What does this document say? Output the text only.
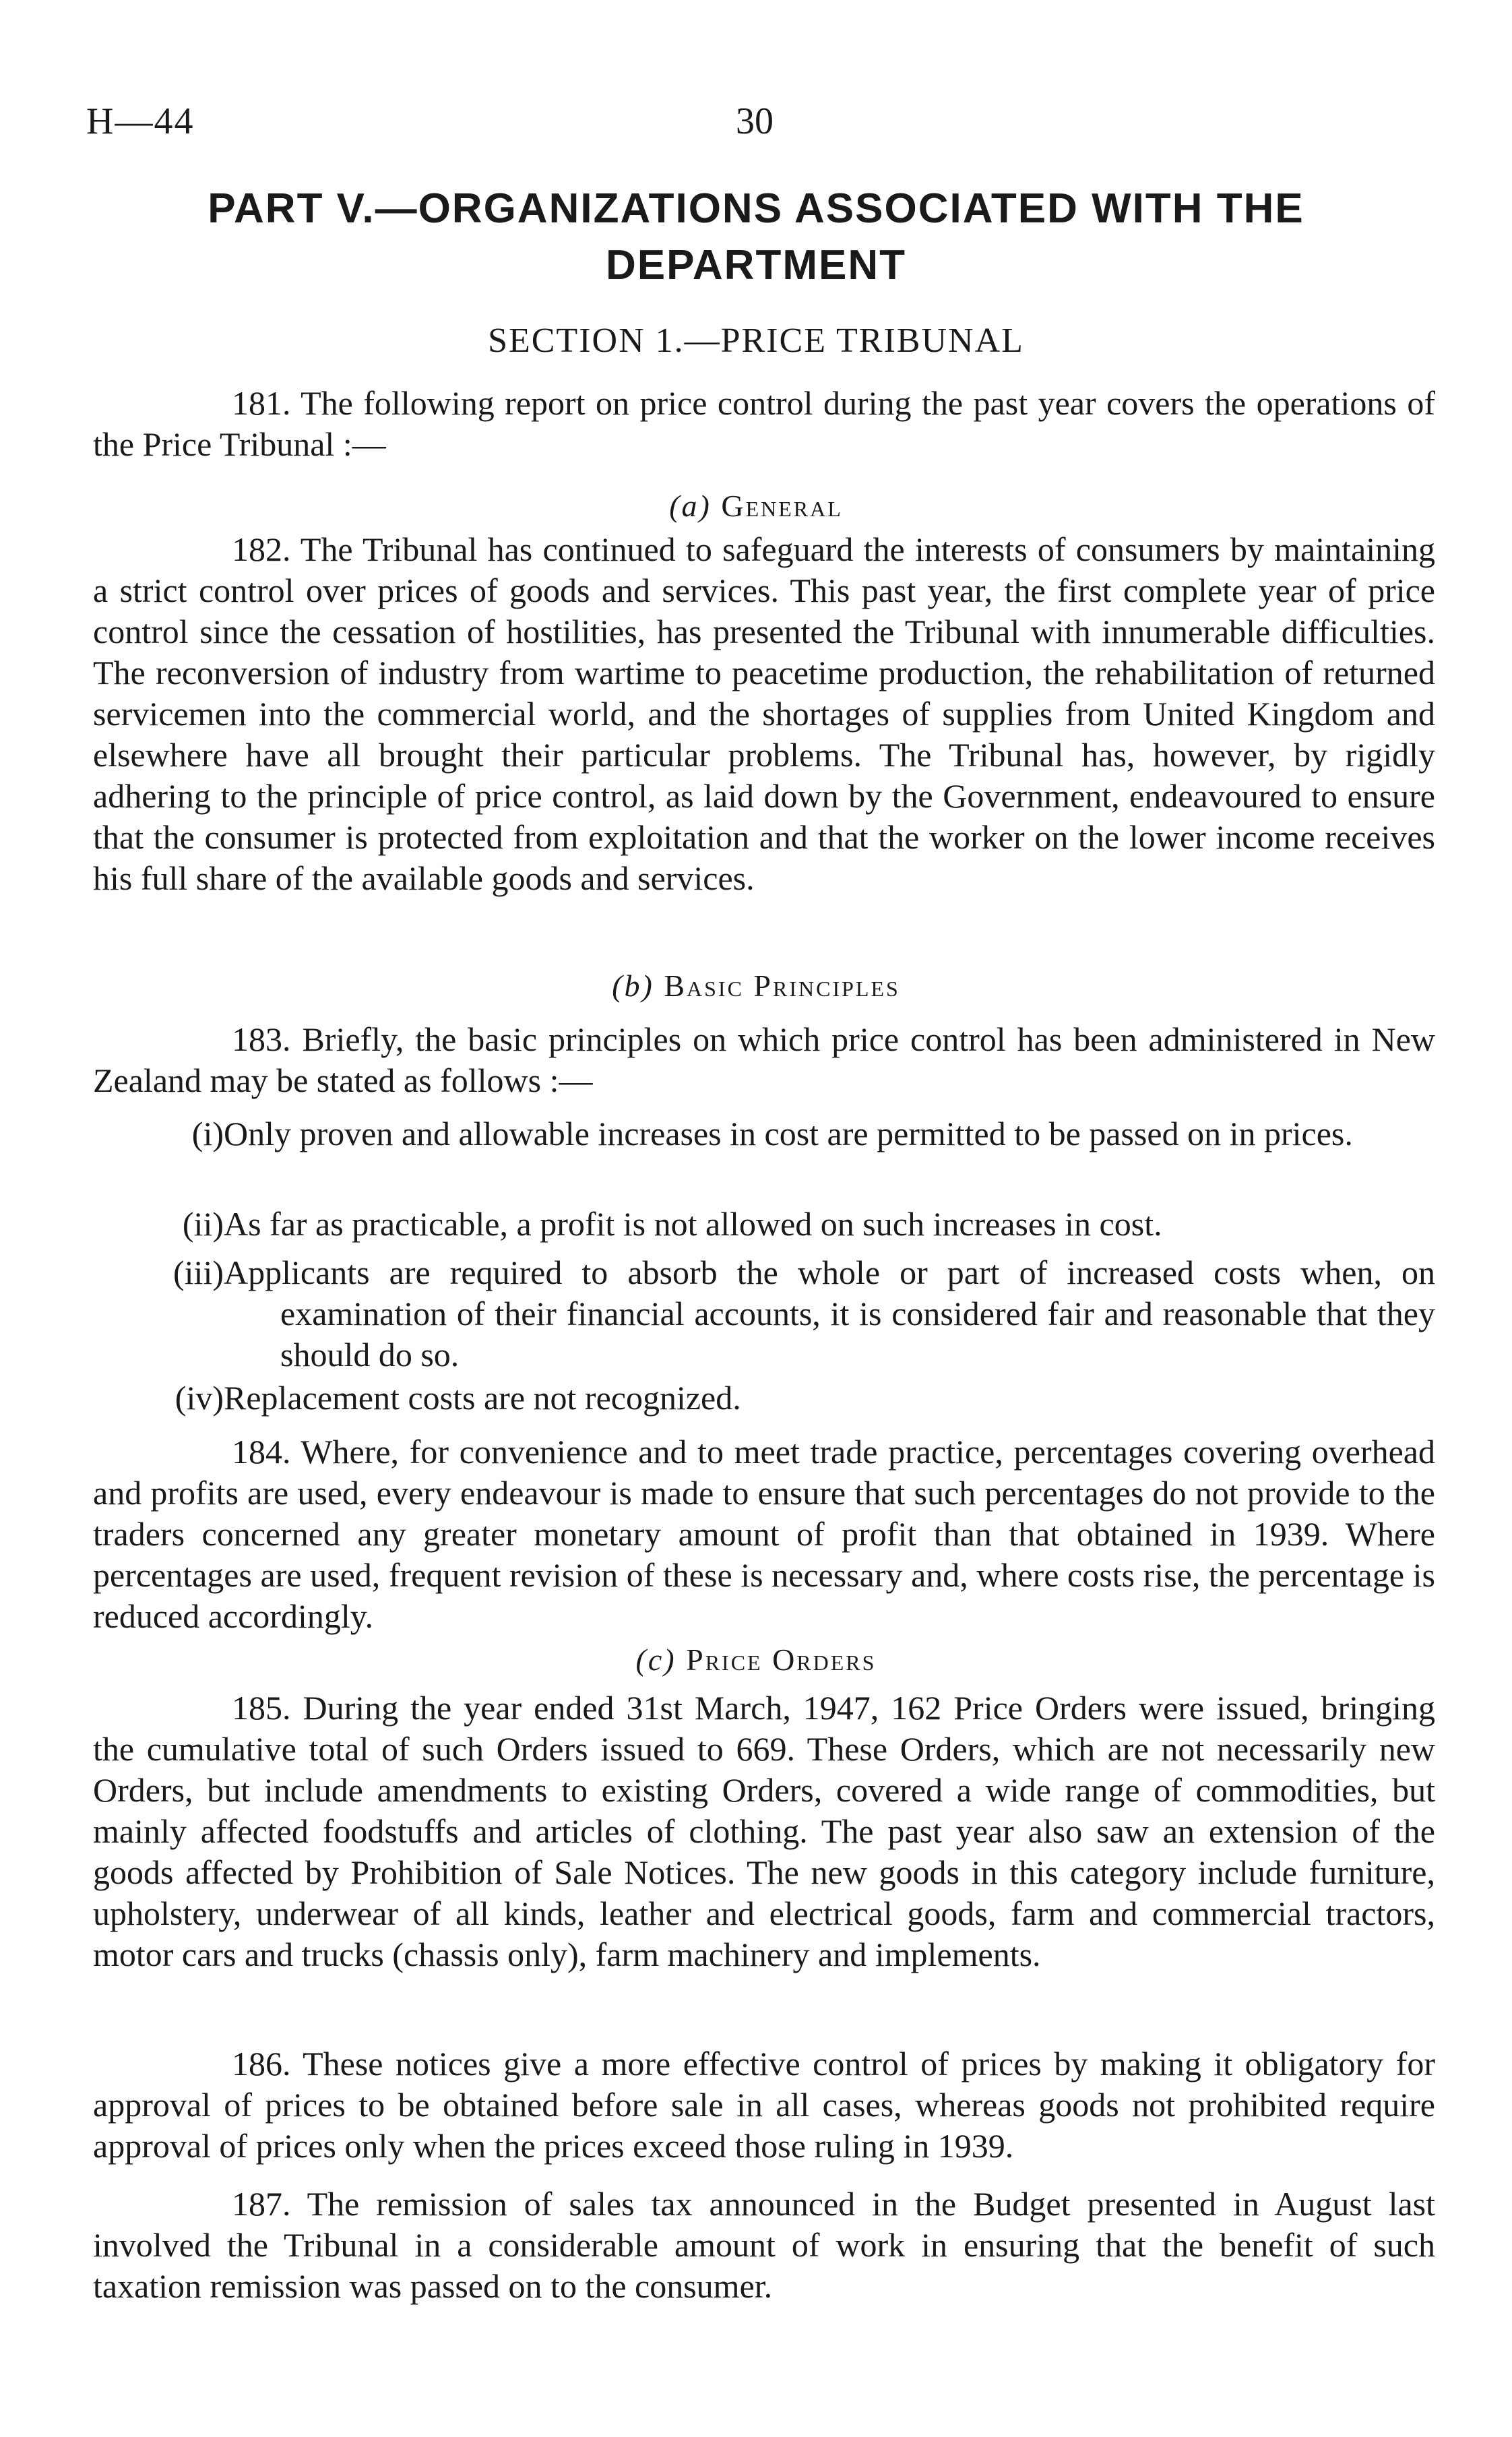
H—44	30
PART V.—ORGANIZATIONS ASSOCIATED WITH THE DEPARTMENT
SECTION 1.—PRICE TRIBUNAL
181. The following report on price control during the past year covers the operations of the Price Tribunal :—
(a) General
182. The Tribunal has continued to safeguard the interests of consumers by maintaining a strict control over prices of goods and services. This past year, the first complete year of price control since the cessation of hostilities, has presented the Tribunal with innumerable difficulties. The reconversion of industry from wartime to peacetime production, the rehabilitation of returned servicemen into the commercial world, and the shortages of supplies from United Kingdom and elsewhere have all brought their particular problems. The Tribunal has, however, by rigidly adhering to the principle of price control, as laid down by the Government, endeavoured to ensure that the consumer is protected from exploitation and that the worker on the lower income receives his full share of the available goods and services.
(b) Basic Principles
183. Briefly, the basic principles on which price control has been administered in New Zealand may be stated as follows :—
(i) Only proven and allowable increases in cost are permitted to be passed on in prices.
(ii) As far as practicable, a profit is not allowed on such increases in cost.
(iii) Applicants are required to absorb the whole or part of increased costs when, on examination of their financial accounts, it is considered fair and reasonable that they should do so.
(iv) Replacement costs are not recognized.
184. Where, for convenience and to meet trade practice, percentages covering overhead and profits are used, every endeavour is made to ensure that such percentages do not provide to the traders concerned any greater monetary amount of profit than that obtained in 1939. Where percentages are used, frequent revision of these is necessary and, where costs rise, the percentage is reduced accordingly.
(c) Price Orders
185. During the year ended 31st March, 1947, 162 Price Orders were issued, bringing the cumulative total of such Orders issued to 669. These Orders, which are not necessarily new Orders, but include amendments to existing Orders, covered a wide range of commodities, but mainly affected foodstuffs and articles of clothing. The past year also saw an extension of the goods affected by Prohibition of Sale Notices. The new goods in this category include furniture, upholstery, underwear of all kinds, leather and electrical goods, farm and commercial tractors, motor cars and trucks (chassis only), farm machinery and implements.
186. These notices give a more effective control of prices by making it obligatory for approval of prices to be obtained before sale in all cases, whereas goods not prohibited require approval of prices only when the prices exceed those ruling in 1939.
187. The remission of sales tax announced in the Budget presented in August last involved the Tribunal in a considerable amount of work in ensuring that the benefit of such taxation remission was passed on to the consumer.
